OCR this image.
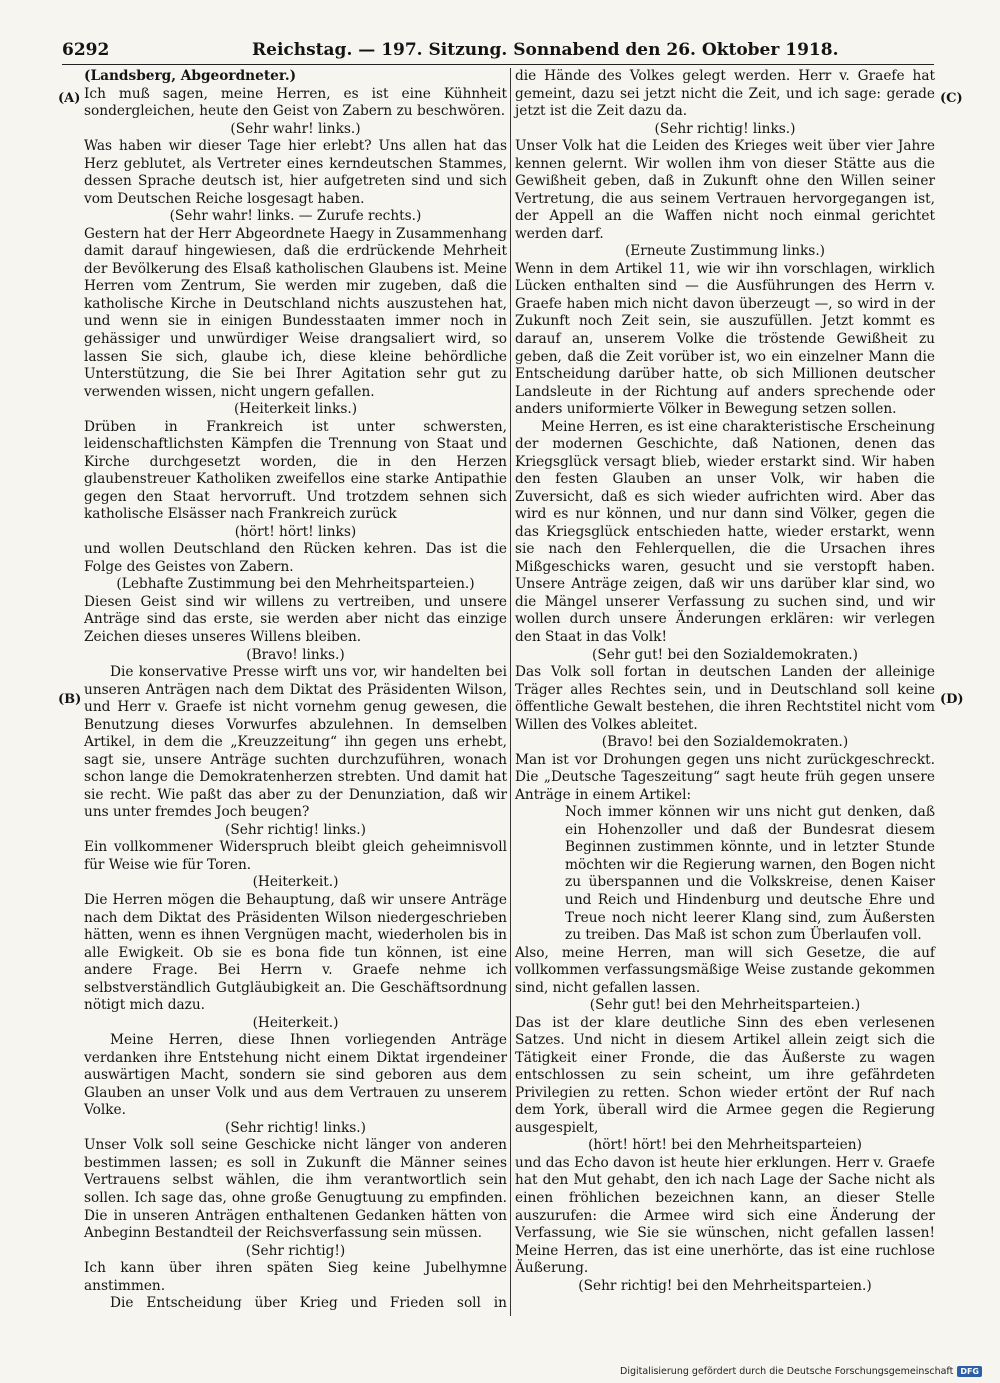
6292	Reichstag. — 197. Sitzung. Sonnabend den 26. Oktober 1918.
(A)
(B)
(C)
(D)

(Landsberg, Abgeordneter.)

Ich muß sagen, meine Herren, es ist eine Kühnheit sondergleichen, heute den Geist von Zabern zu beschwören.

(Sehr wahr! links.)

Was haben wir dieser Tage hier erlebt? Uns allen hat das Herz geblutet, als Vertreter eines kerndeutschen Stammes, dessen Sprache deutsch ist, hier aufgetreten sind und sich vom Deutschen Reiche losgesagt haben.

(Sehr wahr! links. — Zurufe rechts.)

Gestern hat der Herr Abgeordnete Haegy in Zusammenhang damit darauf hingewiesen, daß die erdrückende Mehrheit der Bevölkerung des Elsaß katholischen Glaubens ist. Meine Herren vom Zentrum, Sie werden mir zugeben, daß die katholische Kirche in Deutschland nichts auszustehen hat, und wenn sie in einigen Bundesstaaten immer noch in gehässiger und unwürdiger Weise drangsaliert wird, so lassen Sie sich, glaube ich, diese kleine behördliche Unterstützung, die Sie bei Ihrer Agitation sehr gut zu verwenden wissen, nicht ungern gefallen.

(Heiterkeit links.)

Drüben in Frankreich ist unter schwersten, leidenschaftlichsten Kämpfen die Trennung von Staat und Kirche durchgesetzt worden, die in den Herzen glaubenstreuer Katholiken zweifellos eine starke Antipathie gegen den Staat hervorruft. Und trotzdem sehnen sich katholische Elsässer nach Frankreich zurück

(hört! hört! links)

und wollen Deutschland den Rücken kehren. Das ist die Folge des Geistes von Zabern.

(Lebhafte Zustimmung bei den Mehrheitsparteien.)

Diesen Geist sind wir willens zu vertreiben, und unsere Anträge sind das erste, sie werden aber nicht das einzige Zeichen dieses unseres Willens bleiben.

(Bravo! links.)

Die konservative Presse wirft uns vor, wir handelten bei unseren Anträgen nach dem Diktat des Präsidenten Wilson, und Herr v. Graefe ist nicht vornehm genug gewesen, die Benutzung dieses Vorwurfes abzulehnen. In demselben Artikel, in dem die „Kreuzzeitung“ ihn gegen uns erhebt, sagt sie, unsere Anträge suchten durchzuführen, wonach schon lange die Demokratenherzen strebten. Und damit hat sie recht. Wie paßt das aber zu der Denunziation, daß wir uns unter fremdes Joch beugen?

(Sehr richtig! links.)

Ein vollkommener Widerspruch bleibt gleich geheimnisvoll für Weise wie für Toren.

(Heiterkeit.)

Die Herren mögen die Behauptung, daß wir unsere Anträge nach dem Diktat des Präsidenten Wilson niedergeschrieben hätten, wenn es ihnen Vergnügen macht, wiederholen bis in alle Ewigkeit. Ob sie es bona fide tun können, ist eine andere Frage. Bei Herrn v. Graefe nehme ich selbstverständlich Gutgläubigkeit an. Die Geschäftsordnung nötigt mich dazu.

(Heiterkeit.)

Meine Herren, diese Ihnen vorliegenden Anträge verdanken ihre Entstehung nicht einem Diktat irgendeiner auswärtigen Macht, sondern sie sind geboren aus dem Glauben an unser Volk und aus dem Vertrauen zu unserem Volke.

(Sehr richtig! links.)

Unser Volk soll seine Geschicke nicht länger von anderen bestimmen lassen; es soll in Zukunft die Männer seines Vertrauens selbst wählen, die ihm verantwortlich sein sollen. Ich sage das, ohne große Genugtuung zu empfinden. Die in unseren Anträgen enthaltenen Gedanken hätten von Anbeginn Bestandteil der Reichsverfassung sein müssen.

(Sehr richtig!)

Ich kann über ihren späten Sieg keine Jubelhymne anstimmen.

Die Entscheidung über Krieg und Frieden soll in

die Hände des Volkes gelegt werden. Herr v. Graefe hat gemeint, dazu sei jetzt nicht die Zeit, und ich sage: gerade jetzt ist die Zeit dazu da.

(Sehr richtig! links.)

Unser Volk hat die Leiden des Krieges weit über vier Jahre kennen gelernt. Wir wollen ihm von dieser Stätte aus die Gewißheit geben, daß in Zukunft ohne den Willen seiner Vertretung, die aus seinem Vertrauen hervorgegangen ist, der Appell an die Waffen nicht noch einmal gerichtet werden darf.

(Erneute Zustimmung links.)

Wenn in dem Artikel 11, wie wir ihn vorschlagen, wirklich Lücken enthalten sind — die Ausführungen des Herrn v. Graefe haben mich nicht davon überzeugt —, so wird in der Zukunft noch Zeit sein, sie auszufüllen. Jetzt kommt es darauf an, unserem Volke die tröstende Gewißheit zu geben, daß die Zeit vorüber ist, wo ein einzelner Mann die Entscheidung darüber hatte, ob sich Millionen deutscher Landsleute in der Richtung auf anders sprechende oder anders uniformierte Völker in Bewegung setzen sollen.

Meine Herren, es ist eine charakteristische Erscheinung der modernen Geschichte, daß Nationen, denen das Kriegsglück versagt blieb, wieder erstarkt sind. Wir haben den festen Glauben an unser Volk, wir haben die Zuversicht, daß es sich wieder aufrichten wird. Aber das wird es nur können, und nur dann sind Völker, gegen die das Kriegsglück entschieden hatte, wieder erstarkt, wenn sie nach den Fehlerquellen, die die Ursachen ihres Mißgeschicks waren, gesucht und sie verstopft haben. Unsere Anträge zeigen, daß wir uns darüber klar sind, wo die Mängel unserer Verfassung zu suchen sind, und wir wollen durch unsere Änderungen erklären: wir verlegen den Staat in das Volk!

(Sehr gut! bei den Sozialdemokraten.)

Das Volk soll fortan in deutschen Landen der alleinige Träger alles Rechtes sein, und in Deutschland soll keine öffentliche Gewalt bestehen, die ihren Rechtstitel nicht vom Willen des Volkes ableitet.

(Bravo! bei den Sozialdemokraten.)

Man ist vor Drohungen gegen uns nicht zurückgeschreckt. Die „Deutsche Tageszeitung“ sagt heute früh gegen unsere Anträge in einem Artikel:

Noch immer können wir uns nicht gut denken, daß ein Hohenzoller und daß der Bundesrat diesem Beginnen zustimmen könnte, und in letzter Stunde möchten wir die Regierung warnen, den Bogen nicht zu überspannen und die Volkskreise, denen Kaiser und Reich und Hindenburg und deutsche Ehre und Treue noch nicht leerer Klang sind, zum Äußersten zu treiben. Das Maß ist schon zum Überlaufen voll.

Also, meine Herren, man will sich Gesetze, die auf vollkommen verfassungsmäßige Weise zustande gekommen sind, nicht gefallen lassen.

(Sehr gut! bei den Mehrheitsparteien.)

Das ist der klare deutliche Sinn des eben verlesenen Satzes. Und nicht in diesem Artikel allein zeigt sich die Tätigkeit einer Fronde, die das Äußerste zu wagen entschlossen zu sein scheint, um ihre gefährdeten Privilegien zu retten. Schon wieder ertönt der Ruf nach dem York, überall wird die Armee gegen die Regierung ausgespielt,

(hört! hört! bei den Mehrheitsparteien)

und das Echo davon ist heute hier erklungen. Herr v. Graefe hat den Mut gehabt, den ich nach Lage der Sache nicht als einen fröhlichen bezeichnen kann, an dieser Stelle auszurufen: die Armee wird sich eine Änderung der Verfassung, wie Sie sie wünschen, nicht gefallen lassen! Meine Herren, das ist eine unerhörte, das ist eine ruchlose Äußerung.

(Sehr richtig! bei den Mehrheitsparteien.)

Digitalisierung gefördert durch die Deutsche Forschungsgemeinschaft DFG
